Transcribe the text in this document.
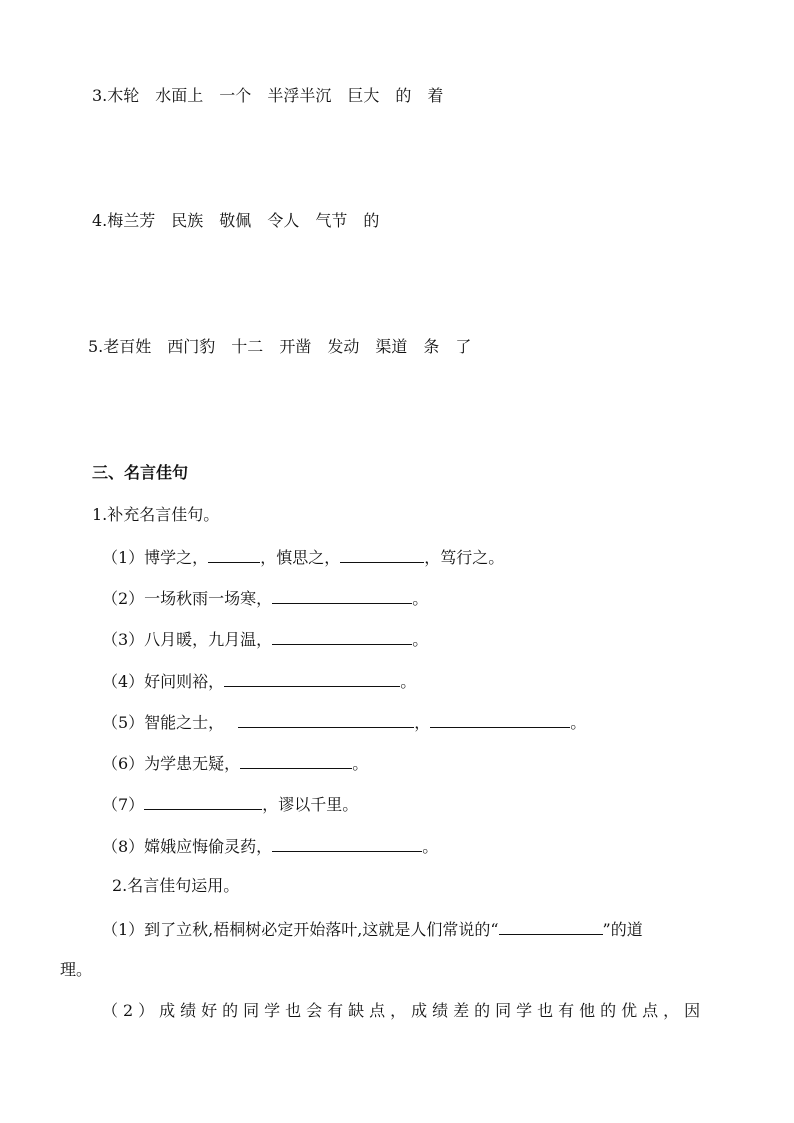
3.木轮 水面上 一个 半浮半沉 巨大 的 着
4.梅兰芳 民族 敬佩 令人 气节 的
5.老百姓 西门豹 十二 开凿 发动 渠道 条 了
三、名言佳句
1.补充名言佳句。
（1）博学之，	，慎思之，	，笃行之。
（2）一场秋雨一场寒，	。
（3）八月暖，九月温，	。
（4）好问则裕，	。
（5）智能之士，	，	。
（6）为学患无疑，	。
（7）	，谬以千里。
（8）嫦娥应悔偷灵药，	。
2.名言佳句运用。
（1）到了立秋,梧桐树必定开始落叶,这就是人们常说的“	”的道
理。
（2）成绩好的同学也会有缺点，成绩差的同学也有他的优点，因
